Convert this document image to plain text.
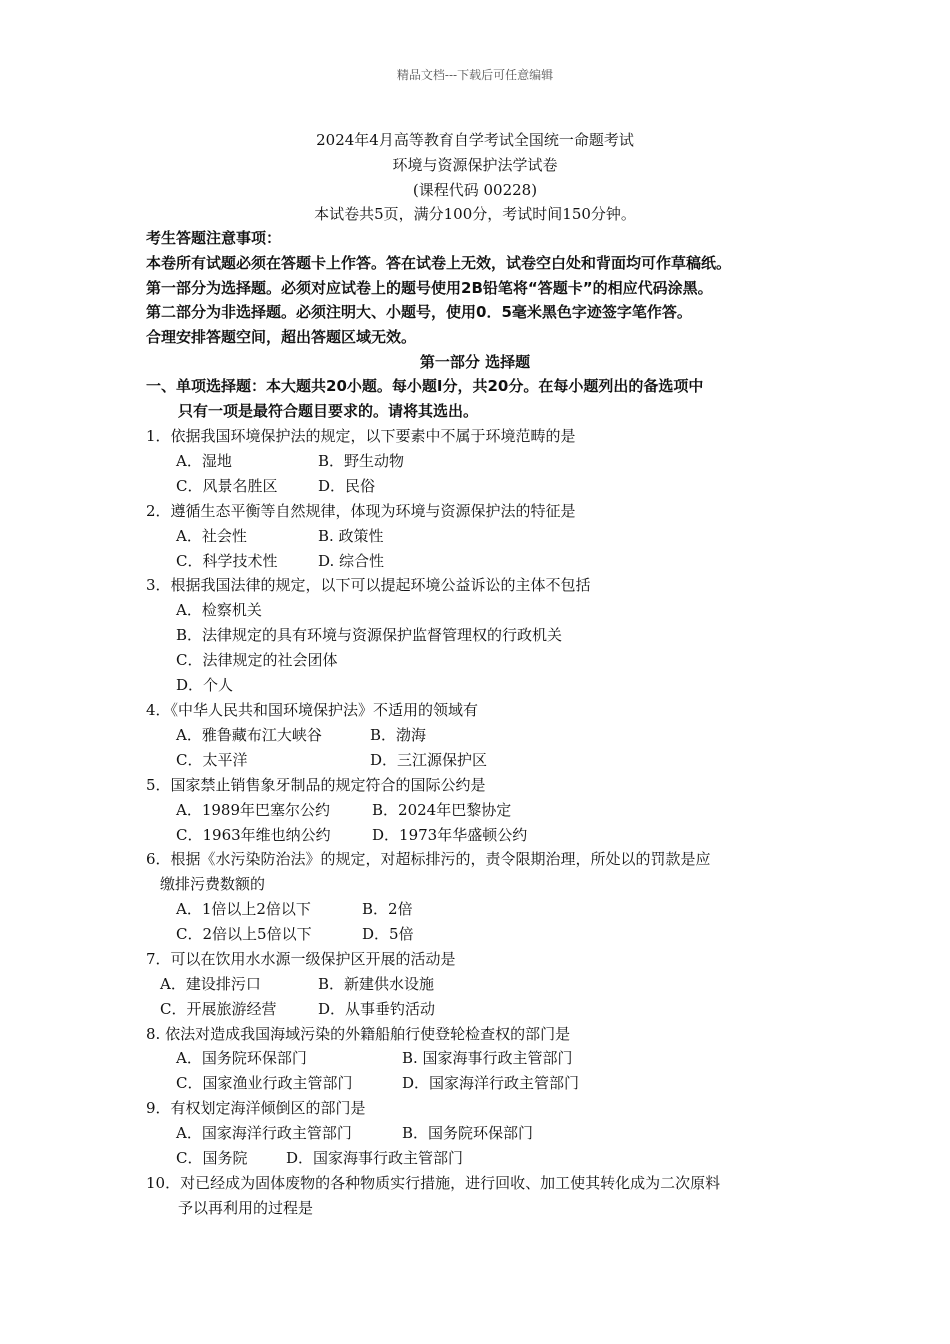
精品文档---下载后可任意编辑
2024年4月高等教育自学考试全国统一命题考试
环境与资源保护法学试卷
(课程代码 00228)
本试卷共5页，满分100分，考试时间150分钟。
考生答题注意事项：
本卷所有试题必须在答题卡上作答。答在试卷上无效，试卷空白处和背面均可作草稿纸。
第一部分为选择题。必须对应试卷上的题号使用2B铅笔将“答题卡”的相应代码涂黑。
第二部分为非选择题。必须注明大、小题号，使用0．5毫米黑色字迹签字笔作答。
合理安排答题空间，超出答题区域无效。
第一部分 选择题
一、单项选择题：本大题共20小题。每小题I分，共20分。在每小题列出的备选项中
只有一项是最符合题目要求的。请将其选出。
1．依据我国环境保护法的规定，以下要素中不属于环境范畴的是
A．湿地	B．野生动物
C．风景名胜区	D．民俗
2．遵循生态平衡等自然规律，体现为环境与资源保护法的特征是
A．社会性	B. 政策性
C．科学技术性	D. 综合性
3．根据我国法律的规定，以下可以提起环境公益诉讼的主体不包括
A．检察机关
B．法律规定的具有环境与资源保护监督管理权的行政机关
C．法律规定的社会团体
D．个人
4．《中华人民共和国环境保护法》不适用的领域有
A．雅鲁藏布江大峡谷	B．渤海
C．太平洋	D．三江源保护区
5．国家禁止销售象牙制品的规定符合的国际公约是
A．1989年巴塞尔公约	B．2024年巴黎协定
C．1963年维也纳公约	D．1973年华盛顿公约
6．根据《水污染防治法》的规定，对超标排污的，责令限期治理，所处以的罚款是应
缴排污费数额的
A．1倍以上2倍以下	B．2倍
C．2倍以上5倍以下	D．5倍
7．可以在饮用水水源一级保护区开展的活动是
A．建设排污口	B．新建供水设施
C．开展旅游经营	D．从事垂钓活动
8. 依法对造成我国海域污染的外籍船舶行使登轮检查权的部门是
A．国务院环保部门	B. 国家海事行政主管部门
C．国家渔业行政主管部门	D．国家海洋行政主管部门
9．有权划定海洋倾倒区的部门是
A．国家海洋行政主管部门	B．国务院环保部门
C．国务院	D．国家海事行政主管部门
10．对已经成为固体废物的各种物质实行措施，进行回收、加工使其转化成为二次原料
予以再利用的过程是
